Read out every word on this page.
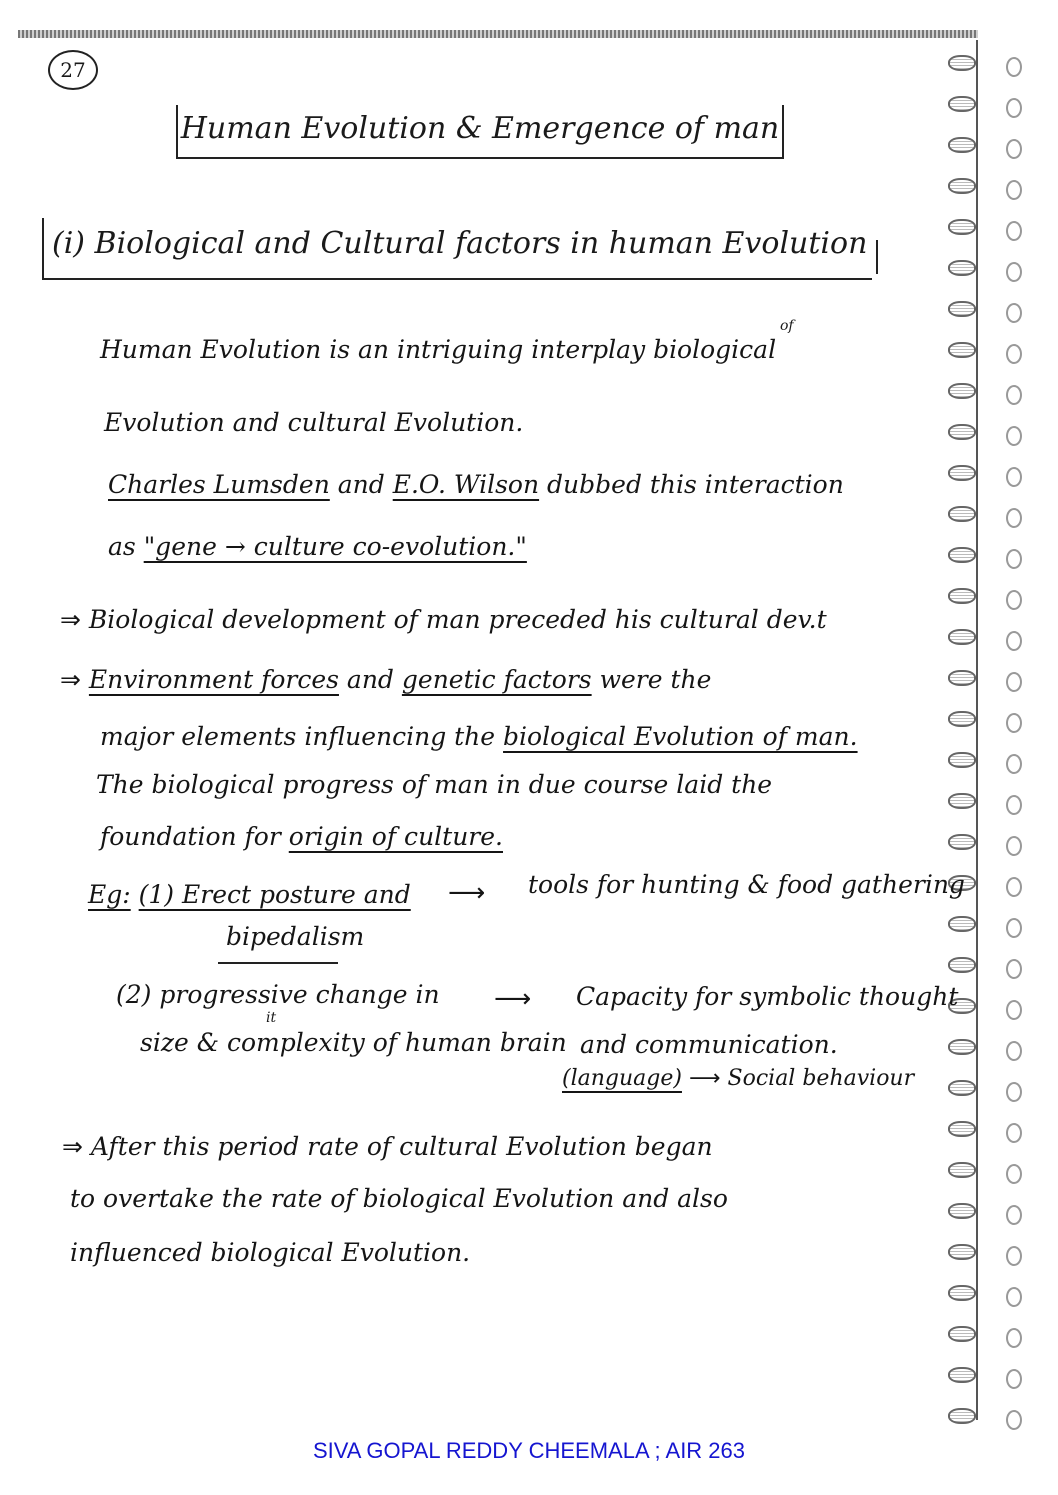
27
Human Evolution & Emergence of man
(i) Biological and Cultural factors in human Evolution
Human Evolution is an intriguing interplay biological
of
Evolution and cultural Evolution.
Charles Lumsden and E.O. Wilson dubbed this interaction
as "gene → culture co-evolution."
⇒ Biological development of man preceded his cultural dev.t
⇒ Environment forces and genetic factors were the
major elements influencing the biological Evolution of man.
The biological progress of man in due course laid the
foundation for origin of culture.
Eg: (1) Erect posture and
bipedalism
⟶ tools for hunting & food gathering
(2) progressive change in
size & complexity of human brain
it
⟶ Capacity for symbolic thought
and communication.
(language) ⟶ Social behaviour
⇒ After this period rate of cultural Evolution began
to overtake the rate of biological Evolution and also
influenced biological Evolution.
SIVA GOPAL REDDY CHEEMALA ; AIR 263
